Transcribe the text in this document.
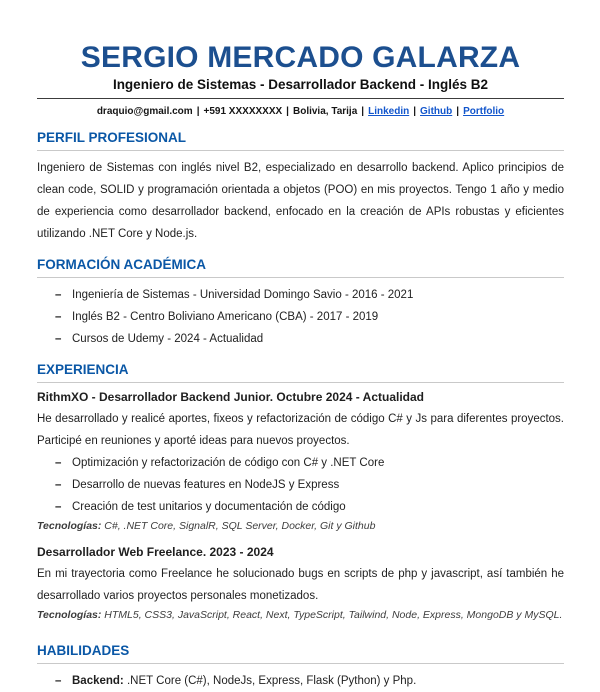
SERGIO MERCADO GALARZA
Ingeniero de Sistemas - Desarrollador Backend - Inglés B2
draquio@gmail.com | +591 XXXXXXXX | Bolivia, Tarija | Linkedin | Github | Portfolio
PERFIL PROFESIONAL

Ingeniero de Sistemas con inglés nivel B2, especializado en desarrollo backend. Aplico principios de clean code, SOLID y programación orientada a objetos (POO) en mis proyectos. Tengo 1 año y medio de experiencia como desarrollador backend, enfocado en la creación de APIs robustas y eficientes utilizando .NET Core y Node.js.

FORMACIÓN ACADÉMICA
– Ingeniería de Sistemas - Universidad Domingo Savio - 2016 - 2021
– Inglés B2 - Centro Boliviano Americano (CBA) - 2017 - 2019
– Cursos de Udemy - 2024 - Actualidad
EXPERIENCIA
RithmXO - Desarrollador Backend Junior. Octubre 2024 - Actualidad

He desarrollado y realicé aportes, fixeos y refactorización de código C# y Js para diferentes proyectos. Participé en reuniones y aporté ideas para nuevos proyectos.

– Optimización y refactorización de código con C# y .NET Core
– Desarrollo de nuevas features en NodeJS y Express
– Creación de test unitarios y documentación de código
Tecnologías: C#, .NET Core, SignalR, SQL Server, Docker, Git y Github
Desarrollador Web Freelance. 2023 - 2024

En mi trayectoria como Freelance he solucionado bugs en scripts de php y javascript, así también he desarrollado varios proyectos personales monetizados.

Tecnologías: HTML5, CSS3, JavaScript, React, Next, TypeScript, Tailwind, Node, Express, MongoDB y MySQL.
HABILIDADES
– Backend: .NET Core (C#), NodeJs, Express, Flask (Python) y Php.
